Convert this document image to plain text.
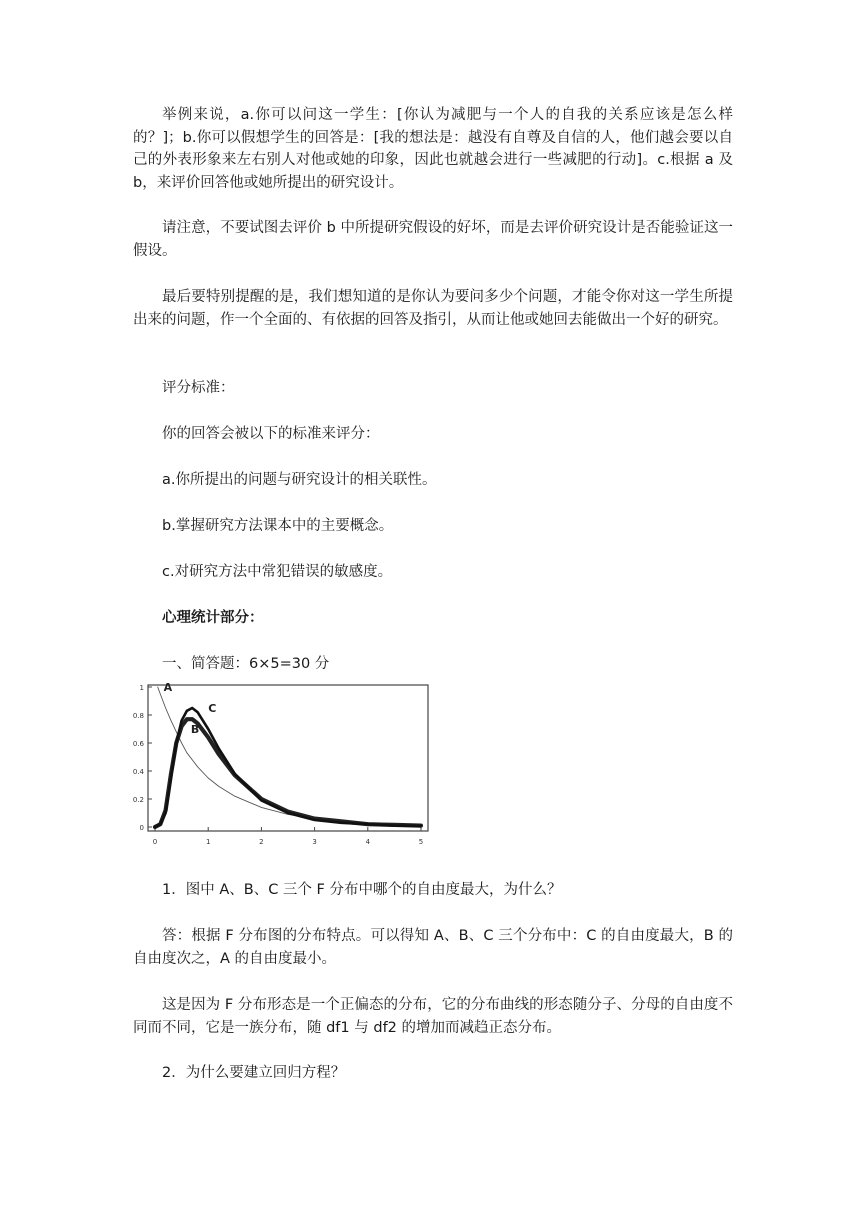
举例来说，a.你可以问这一学生：[你认为减肥与一个人的自我的关系应该是怎么样的？]；b.你可以假想学生的回答是：[我的想法是：越没有自尊及自信的人，他们越会要以自己的外表形象来左右别人对他或她的印象，因此也就越会进行一些减肥的行动]。c.根据 a 及 b，来评价回答他或她所提出的研究设计。

请注意，不要试图去评价 b 中所提研究假设的好坏，而是去评价研究设计是否能验证这一假设。

最后要特别提醒的是，我们想知道的是你认为要问多少个问题，才能令你对这一学生所提出来的问题，作一个全面的、有依据的回答及指引，从而让他或她回去能做出一个好的研究。

评分标准：

你的回答会被以下的标准来评分：

a.你所提出的问题与研究设计的相关联性。

b.掌握研究方法课本中的主要概念。

c.对研究方法中常犯错误的敏感度。

心理统计部分：

一、简答题：6×5=30 分

0
0.2
0.4
0.6
0.8
1
0	1	2	3	4	5
A
B
C

1．图中 A、B、C 三个 F 分布中哪个的自由度最大，为什么？

答：根据 F 分布图的分布特点。可以得知 A、B、C 三个分布中：C 的自由度最大，B 的自由度次之，A 的自由度最小。

这是因为 F 分布形态是一个正偏态的分布，它的分布曲线的形态随分子、分母的自由度不同而不同，它是一族分布，随 df1 与 df2 的增加而减趋正态分布。

2．为什么要建立回归方程？
